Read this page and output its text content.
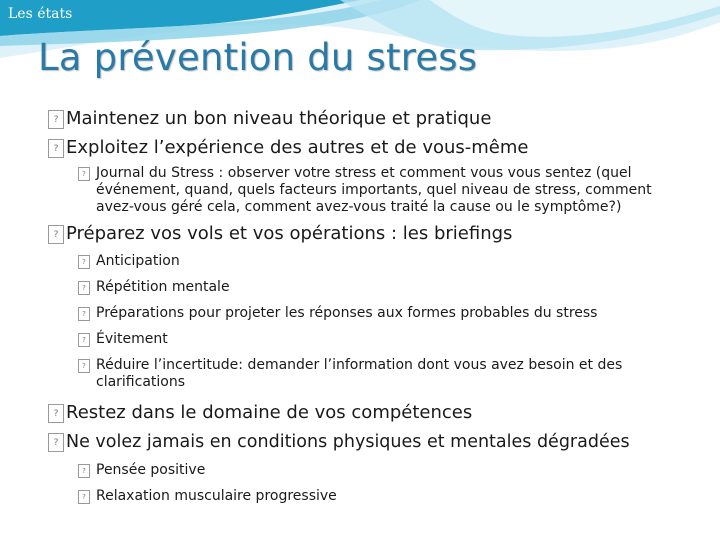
Les états
La prévention du stress
? Maintenez un bon niveau théorique et pratique
? Exploitez l’expérience des autres et de vous-même
? Journal du Stress : observer votre stress et comment vous vous sentez (quel événement, quand, quels facteurs importants, quel niveau de stress, comment avez-vous géré cela, comment avez-vous traité la cause ou le symptôme?)
? Préparez vos vols et vos opérations : les briefings
? Anticipation
? Répétition mentale
? Préparations pour projeter les réponses aux formes probables du stress
? Évitement
? Réduire l’incertitude: demander l’information dont vous avez besoin et des clarifications
? Restez dans le domaine de vos compétences
? Ne volez jamais en conditions physiques et mentales dégradées
? Pensée positive
? Relaxation musculaire progressive
